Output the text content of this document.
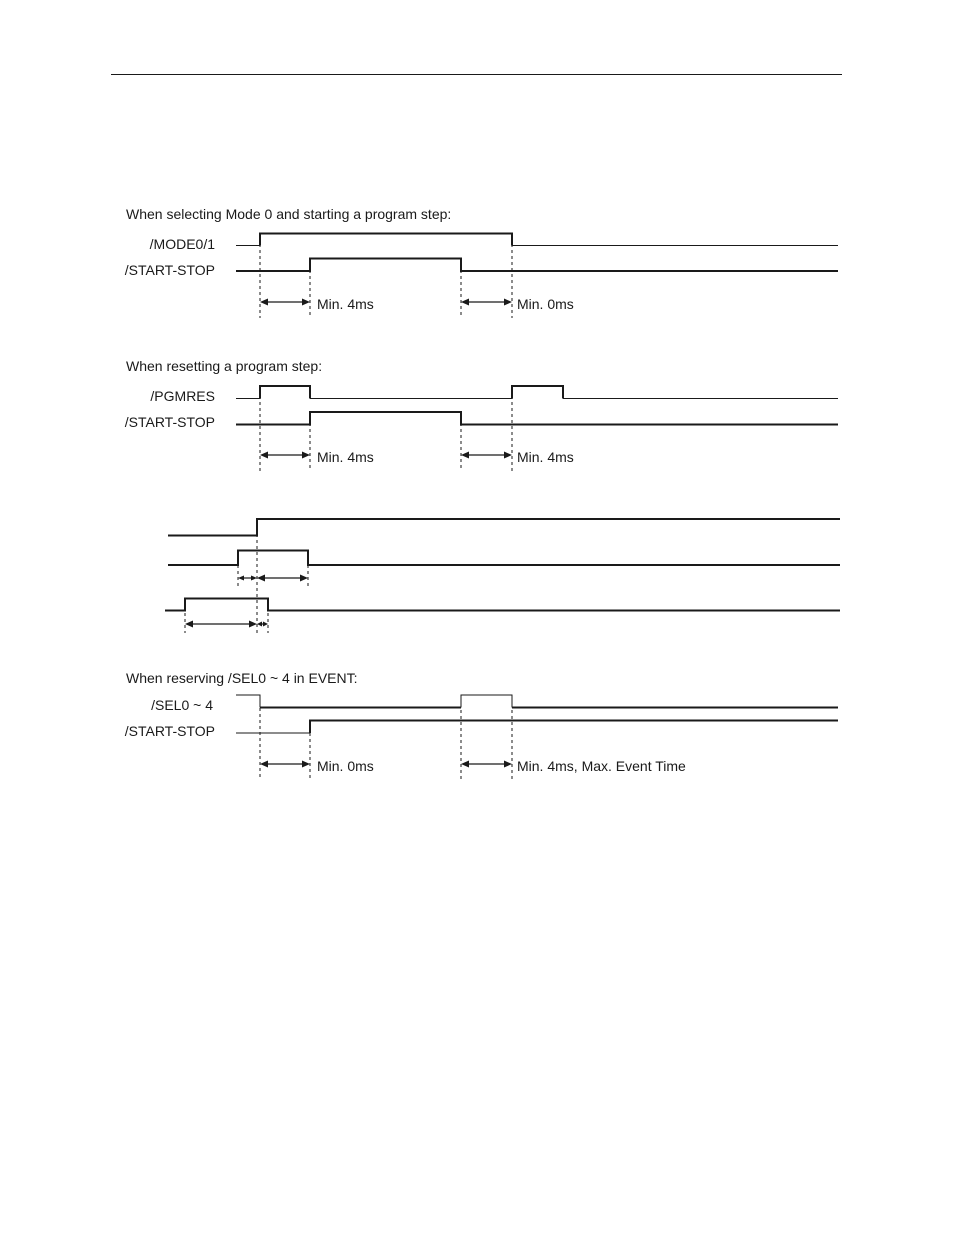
When selecting Mode 0 and starting a program step:
/MODE0/1
/START-STOP
Min. 4ms	Min. 0ms
When resetting a program step:
/PGMRES
/START-STOP
Min. 4ms	Min. 4ms
When reserving /SEL0 ~ 4 in EVENT:
/SEL0 ~ 4
/START-STOP
Min. 0ms	Min. 4ms, Max. Event Time
